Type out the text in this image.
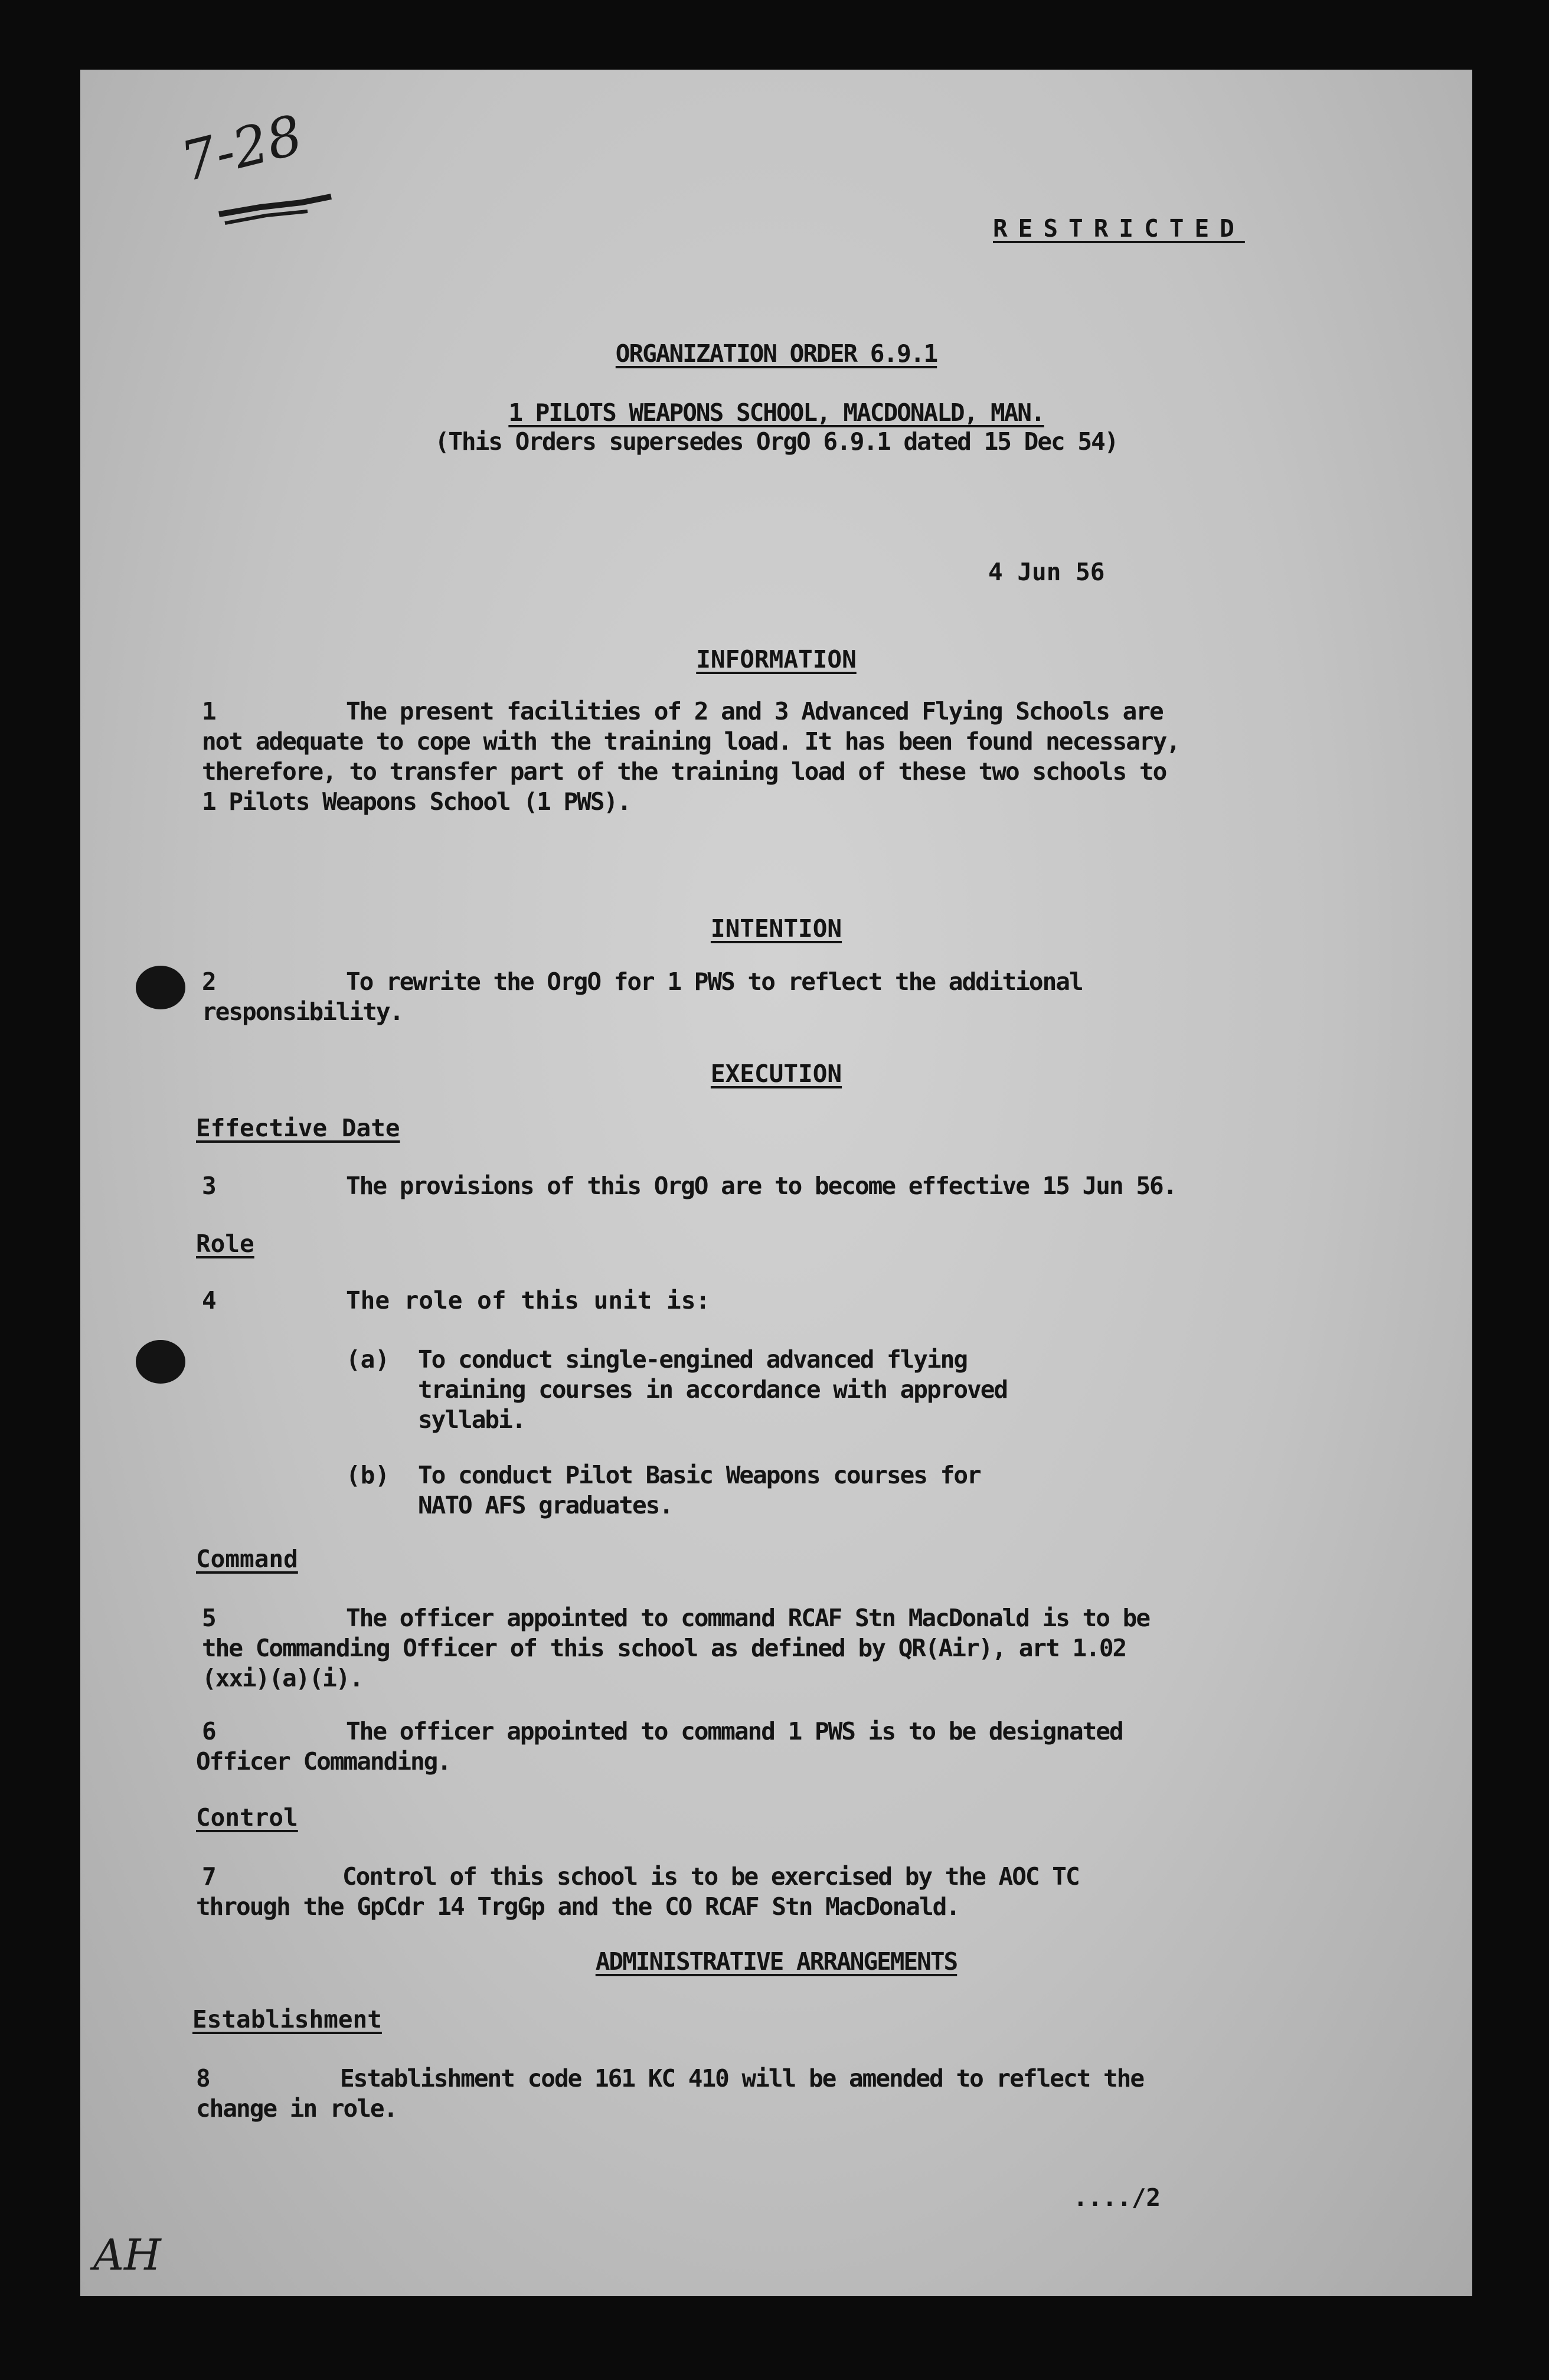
7-28
RESTRICTED
ORGANIZATION ORDER 6.9.1
1 PILOTS WEAPONS SCHOOL, MACDONALD, MAN.
(This Orders supersedes OrgO 6.9.1 dated 15 Dec 54)
4 Jun 56
INFORMATION
1	The present facilities of 2 and 3 Advanced Flying Schools are
not adequate to cope with the training load. It has been found necessary,
therefore, to transfer part of the training load of these two schools to
1 Pilots Weapons School (1 PWS).
INTENTION
2	To rewrite the OrgO for 1 PWS to reflect the additional
responsibility.
EXECUTION
Effective Date
3	The provisions of this OrgO are to become effective 15 Jun 56.
Role
4	The role of this unit is:
(a) To conduct single-engined advanced flying
training courses in accordance with approved
syllabi.
(b) To conduct Pilot Basic Weapons courses for
NATO AFS graduates.
Command
5	The officer appointed to command RCAF Stn MacDonald is to be
the Commanding Officer of this school as defined by QR(Air), art 1.02
(xxi)(a)(i).
6	The officer appointed to command 1 PWS is to be designated
Officer Commanding.
Control
7	Control of this school is to be exercised by the AOC TC
through the GpCdr 14 TrgGp and the CO RCAF Stn MacDonald.
ADMINISTRATIVE ARRANGEMENTS
Establishment
8	Establishment code 161 KC 410 will be amended to reflect the
change in role.
..../2
AH
